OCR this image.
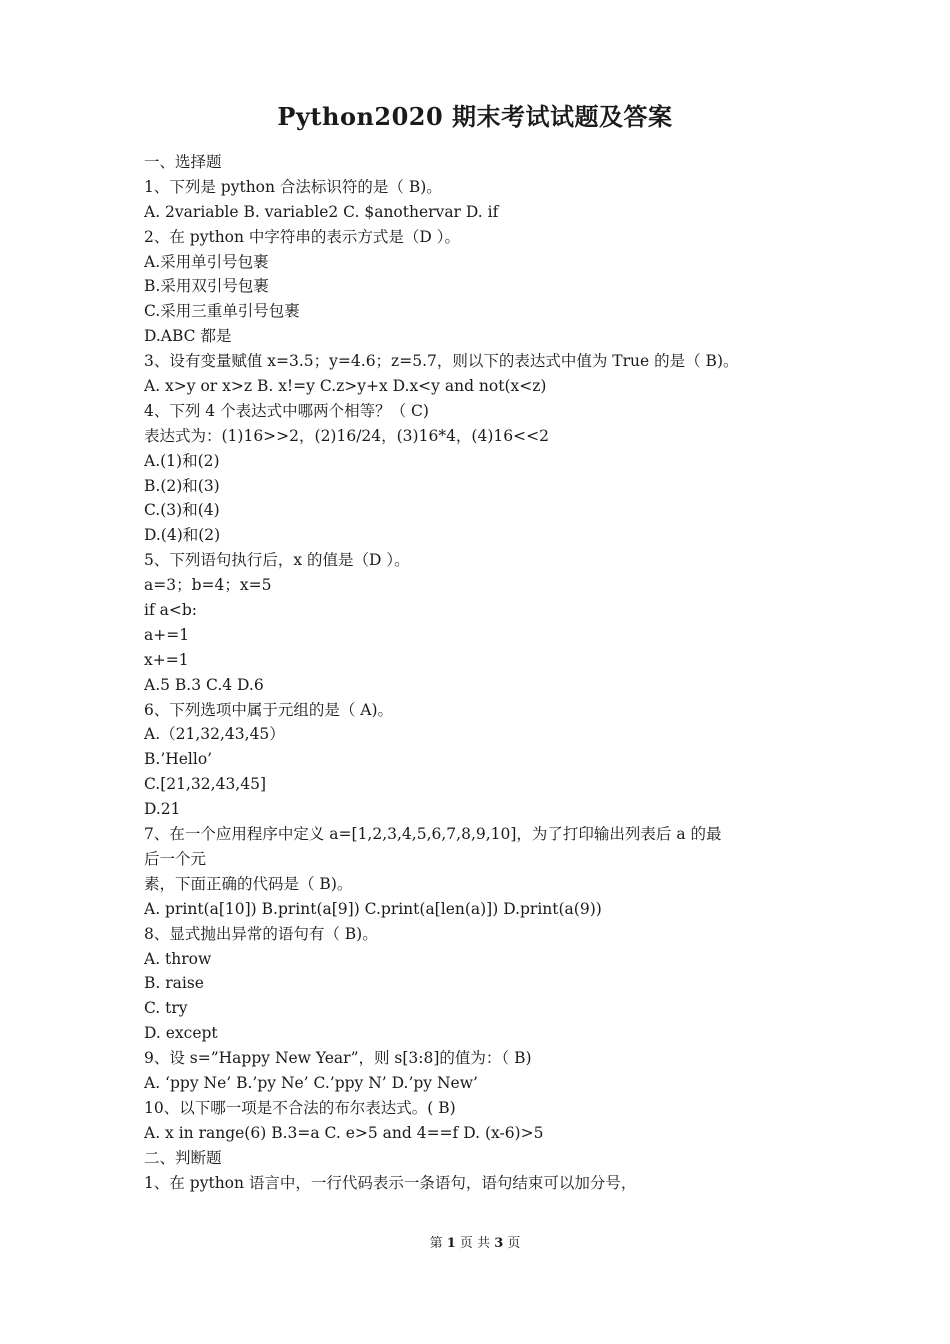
Python2020 期末考试试题及答案
一、选择题
1、下列是 python 合法标识符的是（ B)。
A. 2variable B. variable2 C. $anothervar D. if
2、在 python 中字符串的表示方式是（D ）。
A.采用单引号包裹
B.采用双引号包裹
C.采用三重单引号包裹
D.ABC 都是
3、设有变量赋值 x=3.5；y=4.6；z=5.7，则以下的表达式中值为 True 的是（ B)。
A. x>y or x>z B. x!=y C.z>y+x D.x<y and not(x<z)
4、下列 4 个表达式中哪两个相等？（ C)
表达式为：(1)16>>2，(2)16/24，(3)16*4，(4)16<<2
A.(1)和(2)
B.(2)和(3)
C.(3)和(4)
D.(4)和(2)
5、下列语句执行后，x 的值是（D ）。
a=3；b=4；x=5
if a<b:
a+=1
x+=1
A.5 B.3 C.4 D.6
6、下列选项中属于元组的是（ A)。
A.（21,32,43,45）
B.’Hello’
C.[21,32,43,45]
D.21
7、在一个应用程序中定义 a=[1,2,3,4,5,6,7,8,9,10]，为了打印输出列表后 a 的最
后一个元
素，下面正确的代码是（ B)。
A. print(a[10]) B.print(a[9]) C.print(a[len(a)]) D.print(a(9))
8、显式抛出异常的语句有（ B)。
A. throw
B. raise
C. try
D. except
9、设 s=”Happy New Year”，则 s[3:8]的值为：（ B)
A. ‘ppy Ne’ B.’py Ne’ C.’ppy N’ D.’py New’
10、以下哪一项是不合法的布尔表达式。( B)
A. x in range(6) B.3=a C. e>5 and 4==f D. (x-6)>5
二、判断题
1、在 python 语言中，一行代码表示一条语句，语句结束可以加分号，
第 1 页 共 3 页
